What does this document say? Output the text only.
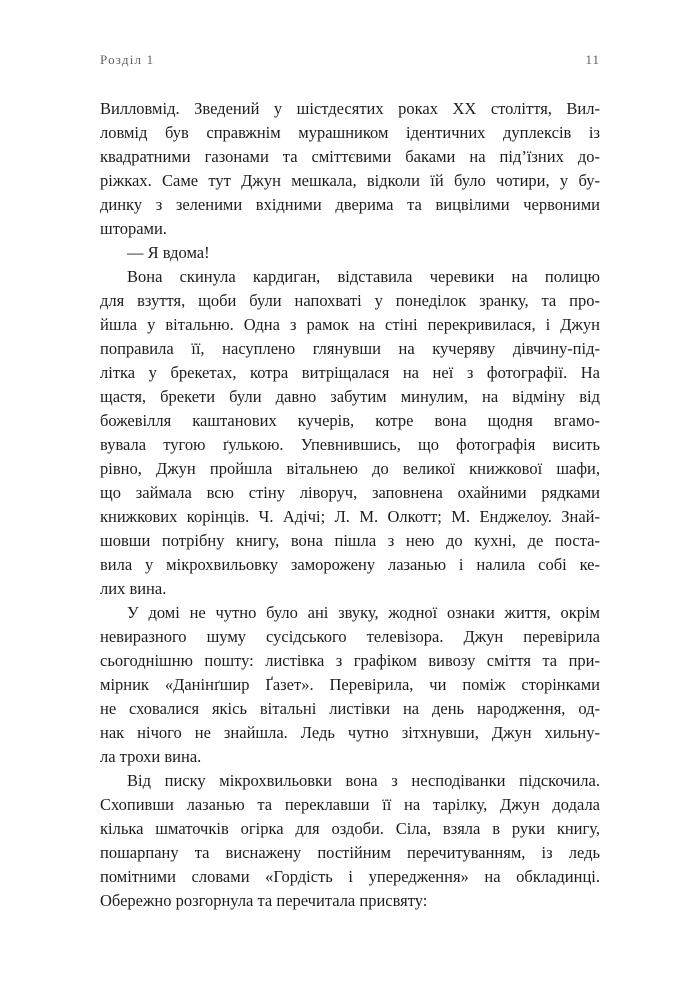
Розділ 1	11
Вилловмід. Зведений у шістдесятих роках ХХ століття, Вил-
ловмід був справжнім мурашником ідентичних дуплексів із
квадратними газонами та сміттєвими баками на під’їзних до-
ріжках. Саме тут Джун мешкала, відколи їй було чотири, у бу-
динку з зеленими вхідними дверима та вицвілими червоними
шторами.
— Я вдома!
Вона скинула кардиган, відставила черевики на полицю
для взуття, щоби були напохваті у понеділок зранку, та про-
йшла у вітальню. Одна з рамок на стіні перекривилася, і Джун
поправила її, насуплено глянувши на кучеряву дівчину-під-
літка у брекетах, котра витріщалася на неї з фотографії. На
щастя, брекети були давно забутим минулим, на відміну від
божевілля каштанових кучерів, котре вона щодня вгамо-
вувала тугою ґулькою. Упевнившись, що фотографія висить
рівно, Джун пройшла вітальнею до великої книжкової шафи,
що займала всю стіну ліворуч, заповнена охайними рядками
книжкових корінців. Ч. Адічі; Л. М. Олкотт; М. Енджелоу. Знай-
шовши потрібну книгу, вона пішла з нею до кухні, де поста-
вила у мікрохвильовку заморожену лазанью і налила собі ке-
лих вина.
У домі не чутно було ані звуку, жодної ознаки життя, окрім
невиразного шуму сусідського телевізора. Джун перевірила
сьогоднішню пошту: листівка з графіком вивозу сміття та при-
мірник «Данінґшир Ґазет». Перевірила, чи поміж сторінками
не сховалися якісь вітальні листівки на день народження, од-
нак нічого не знайшла. Ледь чутно зітхнувши, Джун хильну-
ла трохи вина.
Від писку мікрохвильовки вона з несподіванки підскочила.
Схопивши лазанью та переклавши її на тарілку, Джун додала
кілька шматочків огірка для оздоби. Сіла, взяла в руки книгу,
пошарпану та виснажену постійним перечитуванням, із ледь
помітними словами «Гордість і упередження» на обкладинці.
Обережно розгорнула та перечитала присвяту:
